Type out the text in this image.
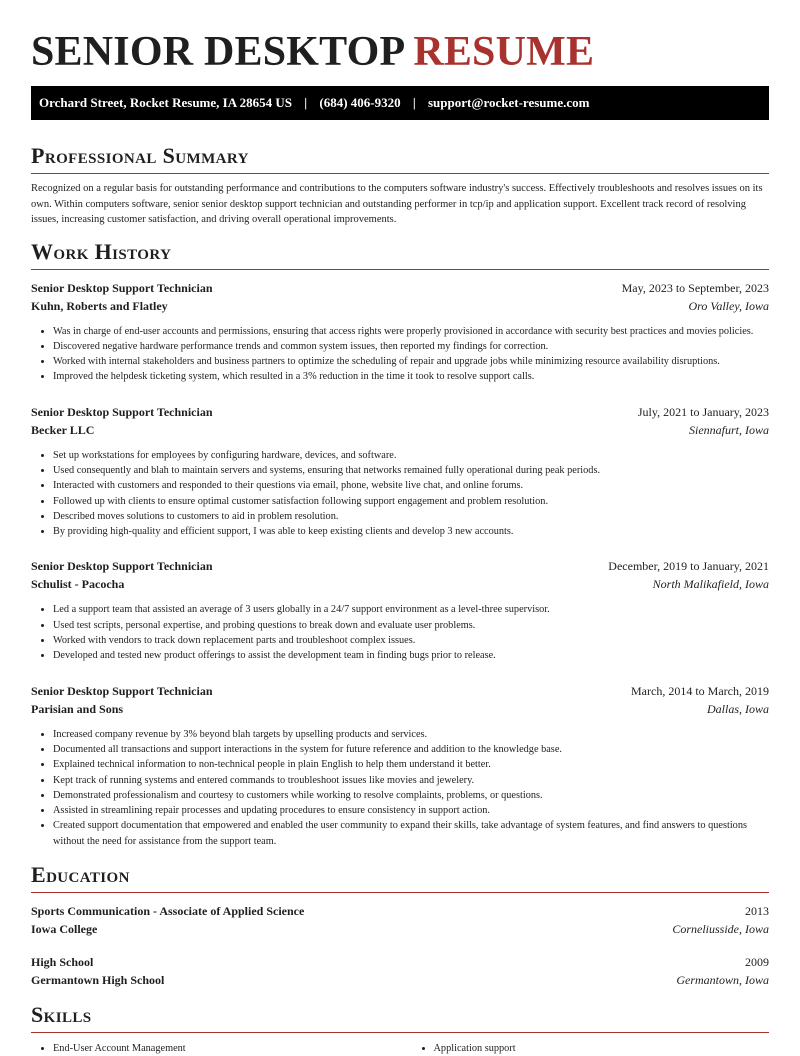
SENIOR DESKTOP RESUME
Orchard Street, Rocket Resume, IA 28654 US | (684) 406-9320 | support@rocket-resume.com
Professional Summary
Recognized on a regular basis for outstanding performance and contributions to the computers software industry's success. Effectively troubleshoots and resolves issues on its own. Within computers software, senior senior desktop support technician and outstanding performer in tcp/ip and application support. Excellent track record of resolving issues, increasing customer satisfaction, and driving overall operational improvements.
Work History
Senior Desktop Support Technician	May, 2023 to September, 2023
Kuhn, Roberts and Flatley	Oro Valley, Iowa
• Was in charge of end-user accounts and permissions, ensuring that access rights were properly provisioned in accordance with security best practices and movies policies.
• Discovered negative hardware performance trends and common system issues, then reported my findings for correction.
• Worked with internal stakeholders and business partners to optimize the scheduling of repair and upgrade jobs while minimizing resource availability disruptions.
• Improved the helpdesk ticketing system, which resulted in a 3% reduction in the time it took to resolve support calls.
Senior Desktop Support Technician	July, 2021 to January, 2023
Becker LLC	Siennafurt, Iowa
• Set up workstations for employees by configuring hardware, devices, and software.
• Used consequently and blah to maintain servers and systems, ensuring that networks remained fully operational during peak periods.
• Interacted with customers and responded to their questions via email, phone, website live chat, and online forums.
• Followed up with clients to ensure optimal customer satisfaction following support engagement and problem resolution.
• Described moves solutions to customers to aid in problem resolution.
• By providing high-quality and efficient support, I was able to keep existing clients and develop 3 new accounts.
Senior Desktop Support Technician	December, 2019 to January, 2021
Schulist - Pacocha	North Malikafield, Iowa
• Led a support team that assisted an average of 3 users globally in a 24/7 support environment as a level-three supervisor.
• Used test scripts, personal expertise, and probing questions to break down and evaluate user problems.
• Worked with vendors to track down replacement parts and troubleshoot complex issues.
• Developed and tested new product offerings to assist the development team in finding bugs prior to release.
Senior Desktop Support Technician	March, 2014 to March, 2019
Parisian and Sons	Dallas, Iowa
• Increased company revenue by 3% beyond blah targets by upselling products and services.
• Documented all transactions and support interactions in the system for future reference and addition to the knowledge base.
• Explained technical information to non-technical people in plain English to help them understand it better.
• Kept track of running systems and entered commands to troubleshoot issues like movies and jewelery.
• Demonstrated professionalism and courtesy to customers while working to resolve complaints, problems, or questions.
• Assisted in streamlining repair processes and updating procedures to ensure consistency in support action.
• Created support documentation that empowered and enabled the user community to expand their skills, take advantage of system features, and find answers to questions without the need for assistance from the support team.
Education
Sports Communication - Associate of Applied Science	2013
Iowa College	Corneliusside, Iowa
High School	2009
Germantown High School	Germantown, Iowa
Skills
• End-User Account Management
•	Application support
